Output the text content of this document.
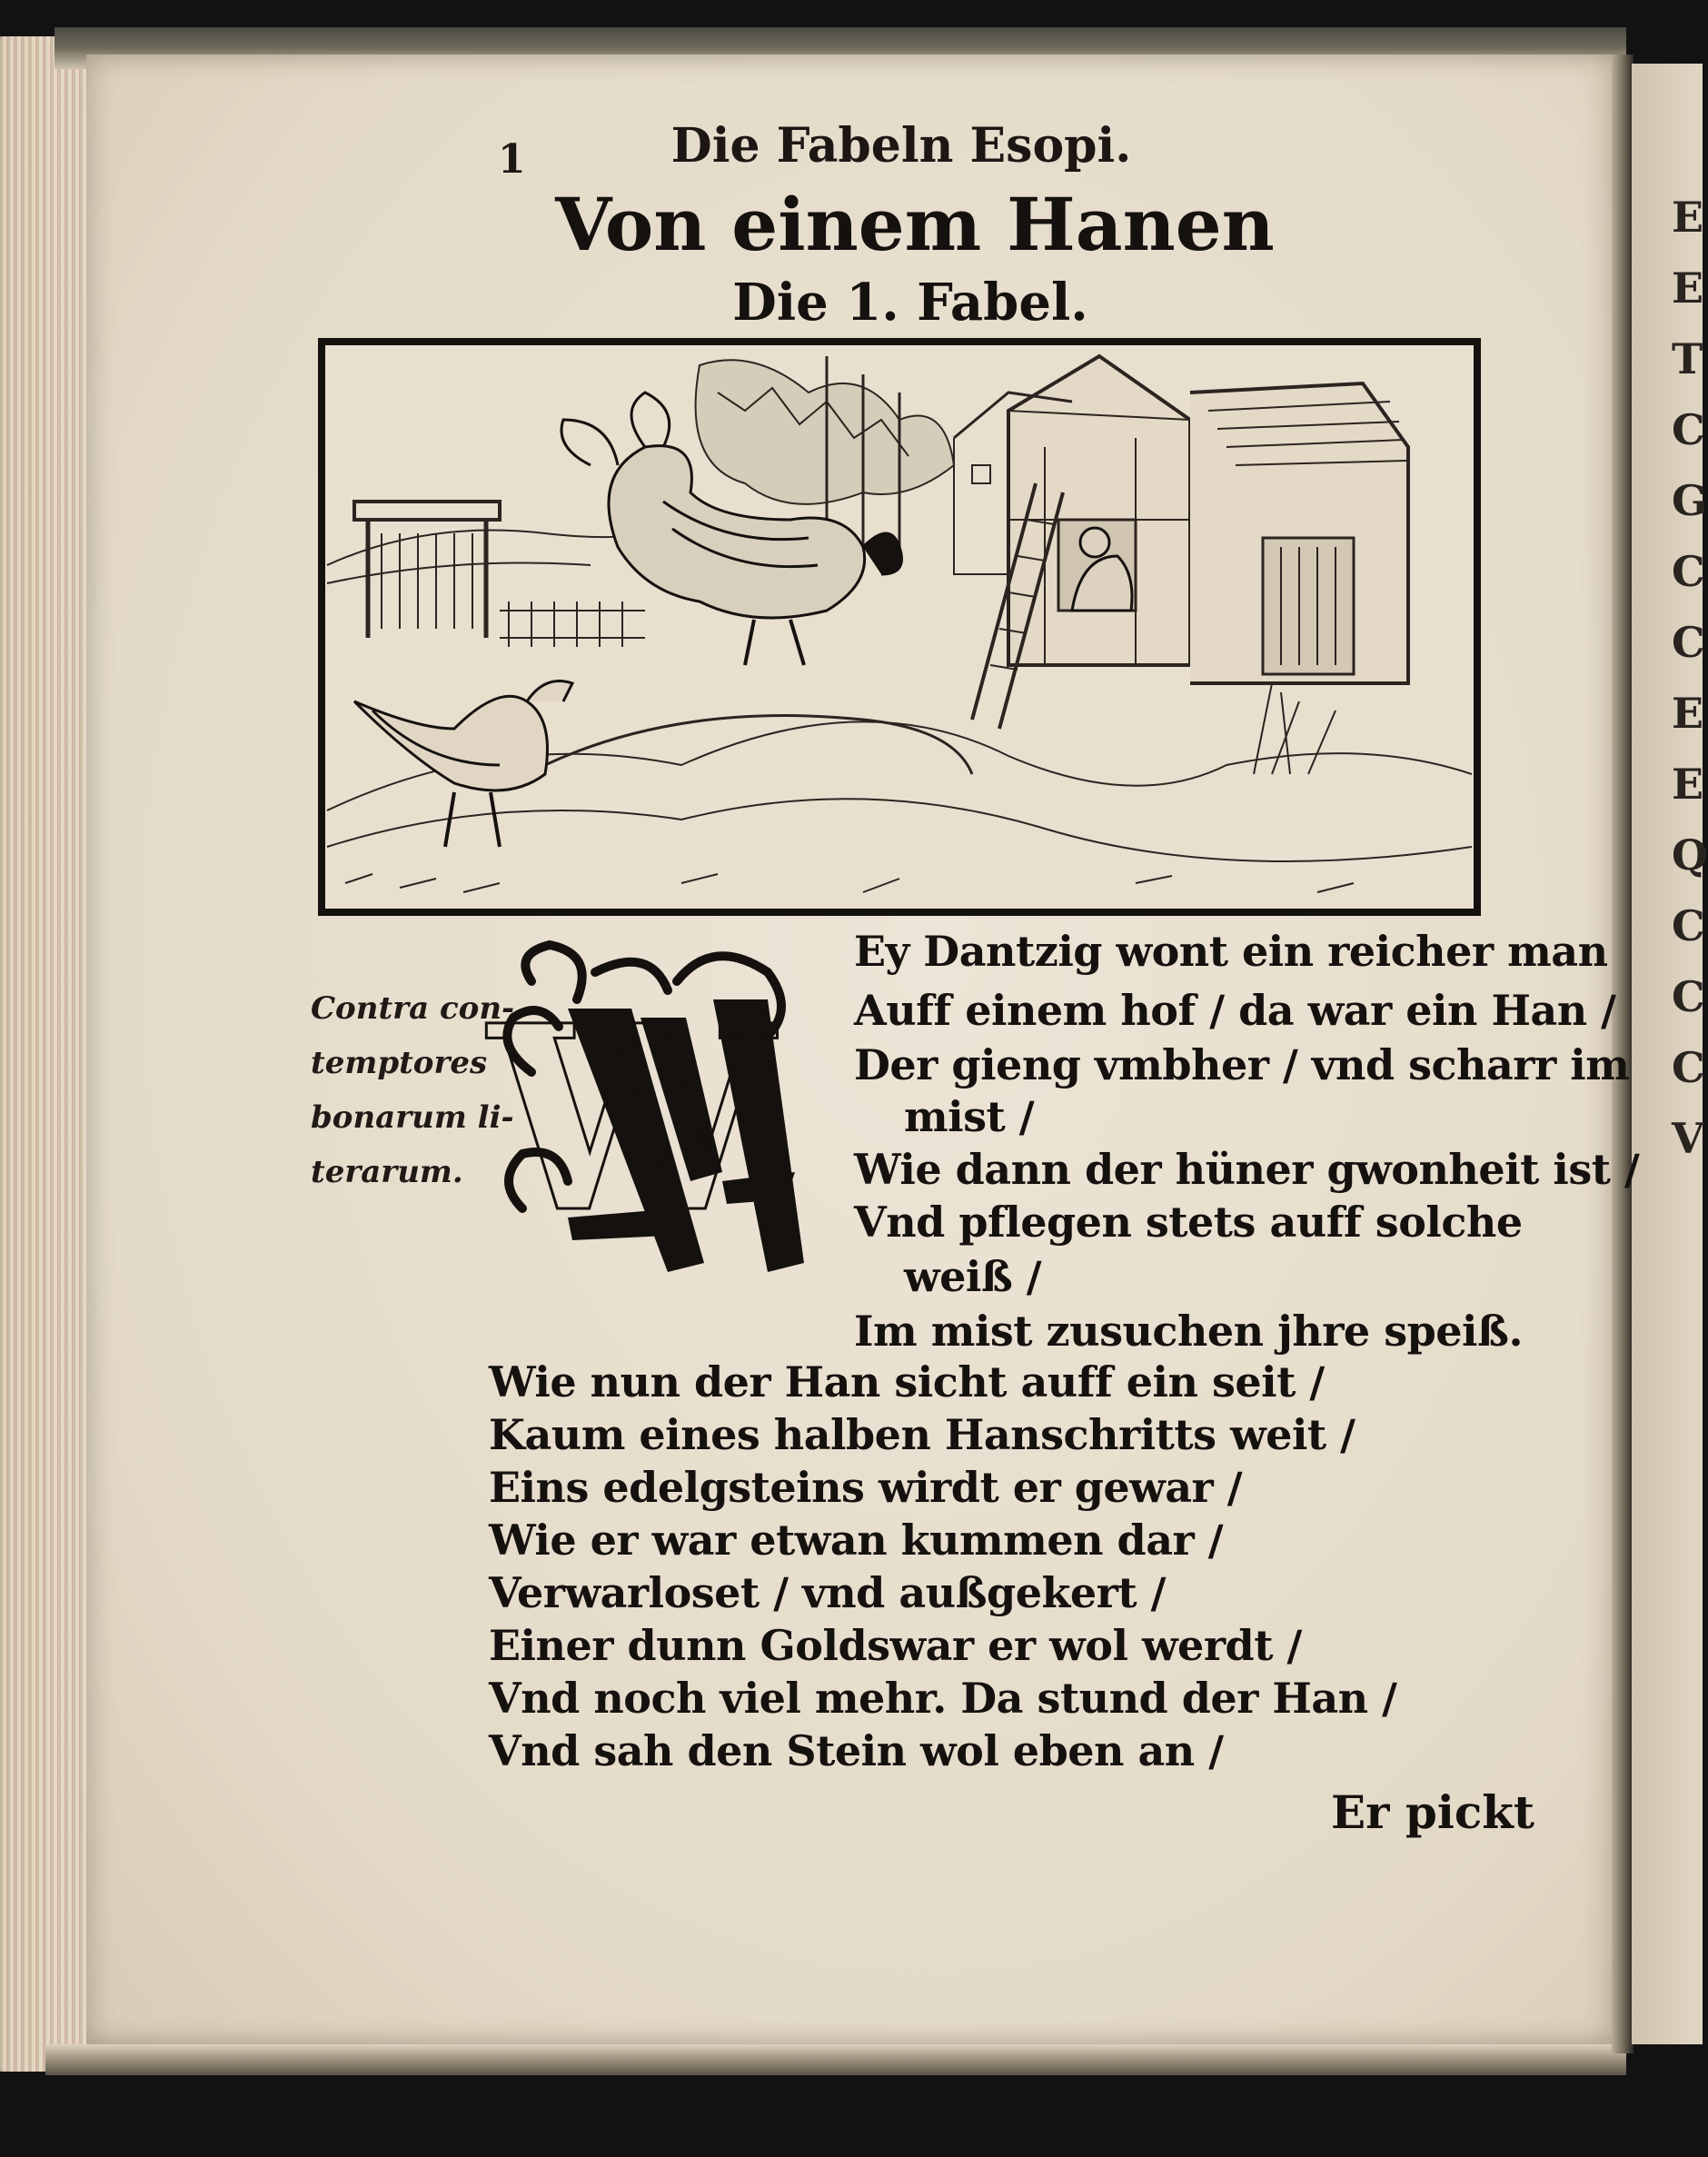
E
E
T
C
G
C
C
E
E
Q
C
C
C
V
1	Die Fabeln Esopi.
Von einem Hanen
Die 1. Fabel.
Contra con-
temptores
bonarum li-
terarum. W
Ey Dantzig wont ein reicher man
Auff einem hof / da war ein Han /
Der gieng vmbher / vnd scharr im
mist /
Wie dann der hüner gwonheit ist /
Vnd pflegen stets auff solche
weiß /
Im mist zusuchen jhre speiß.
Wie nun der Han sicht auff ein seit /
Kaum eines halben Hanschritts weit /
Eins edelgsteins wirdt er gewar /
Wie er war etwan kummen dar /
Verwarloset / vnd außgekert /
Einer dunn Goldswar er wol werdt /
Vnd noch viel mehr. Da stund der Han /
Vnd sah den Stein wol eben an /
Er pickt
